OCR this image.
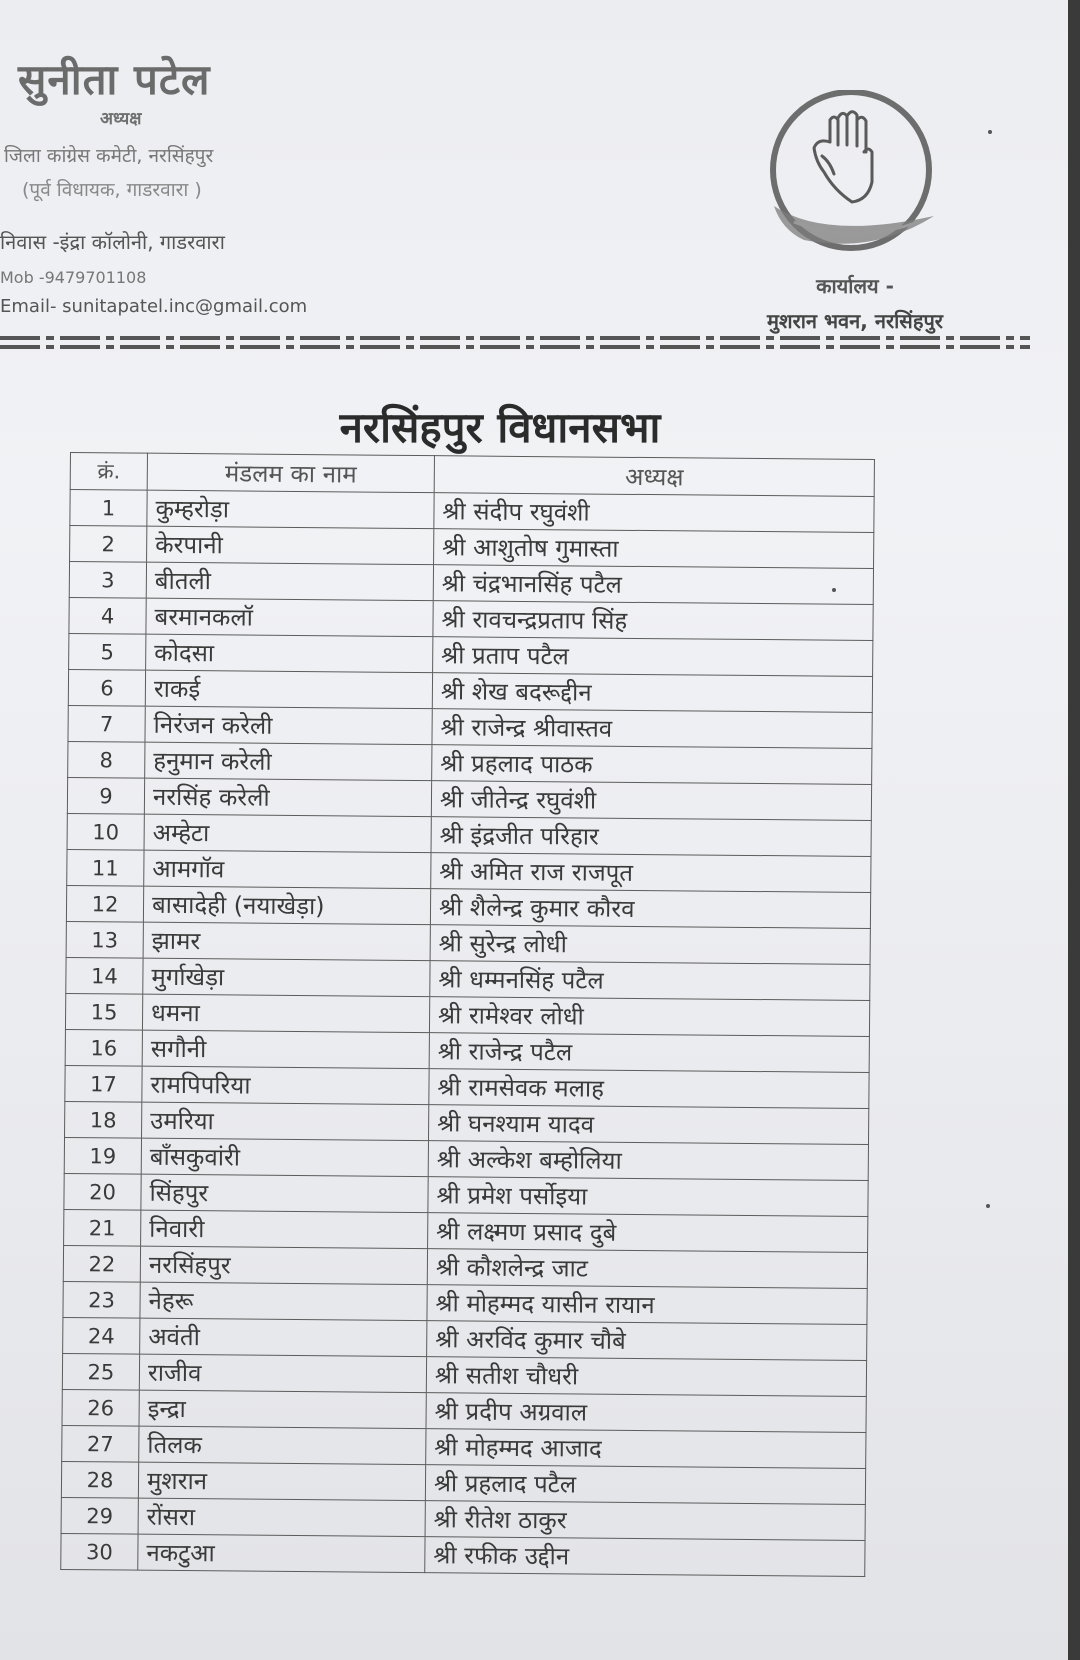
सुनीता पटेल
अध्यक्ष
जिला कांग्रेस कमेटी, नरसिंहपुर
(पूर्व विधायक, गाडरवारा )
निवास -इंद्रा कॉलोनी, गाडरवारा
Mob -9479701108
Email- sunitapatel.inc@gmail.com
कार्यालय -
मुशरान भवन, नरसिंहपुर
नरसिंहपुर विधानसभा
क्रं.	मंडलम का नाम	अध्यक्ष
1	कुम्हरोड़ा	श्री संदीप रघुवंशी
2	केरपानी	श्री आशुतोष गुमास्ता
3	बीतली	श्री चंद्रभानसिंह पटैल
4	बरमानकलॉ	श्री रावचन्द्रप्रताप सिंह
5	कोदसा	श्री प्रताप पटैल
6	राकई	श्री शेख बदरूद्दीन
7	निरंजन करेली	श्री राजेन्द्र श्रीवास्तव
8	हनुमान करेली	श्री प्रहलाद पाठक
9	नरसिंह करेली	श्री जीतेन्द्र रघुवंशी
10	अम्हेटा	श्री इंद्रजीत परिहार
11	आमगॉव	श्री अमित राज राजपूत
12	बासादेही (नयाखेड़ा)	श्री शैलेन्द्र कुमार कौरव
13	झामर	श्री सुरेन्द्र लोधी
14	मुर्गाखेड़ा	श्री धम्मनसिंह पटैल
15	धमना	श्री रामेश्वर लोधी
16	सगौनी	श्री राजेन्द्र पटैल
17	रामपिपरिया	श्री रामसेवक मलाह
18	उमरिया	श्री घनश्याम यादव
19	बाँसकुवांरी	श्री अल्केश बम्होलिया
20	सिंहपुर	श्री प्रमेश पर्सोइया
21	निवारी	श्री लक्ष्मण प्रसाद दुबे
22	नरसिंहपुर	श्री कौशलेन्द्र जाट
23	नेहरू	श्री मोहम्मद यासीन रायान
24	अवंती	श्री अरविंद कुमार चौबे
25	राजीव	श्री सतीश चौधरी
26	इन्द्रा	श्री प्रदीप अग्रवाल
27	तिलक	श्री मोहम्मद आजाद
28	मुशरान	श्री प्रहलाद पटैल
29	रोंसरा	श्री रीतेश ठाकुर
30	नकटुआ	श्री रफीक उद्दीन
